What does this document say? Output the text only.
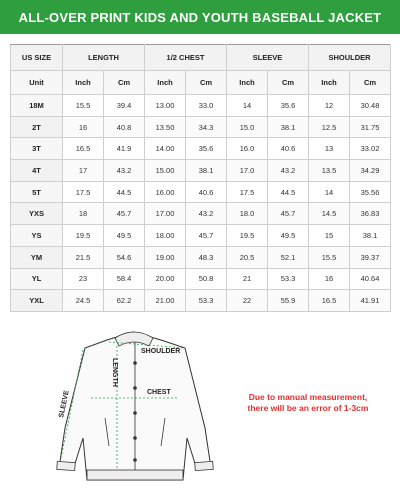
ALL-OVER PRINT KIDS AND YOUTH BASEBALL JACKET
US SIZE	LENGTH		1/2 CHEST		SLEEVE		SHOULDER	
Unit	Inch	Cm	Inch	Cm	Inch	Cm	Inch	Cm
18M	15.5	39.4	13.00	33.0	14	35.6	12	30.48
2T	16	40.8	13.50	34.3	15.0	38.1	12.5	31.75
3T	16.5	41.9	14.00	35.6	16.0	40.6	13	33.02
4T	17	43.2	15.00	38.1	17.0	43.2	13.5	34.29
5T	17.5	44.5	16.00	40.6	17.5	44.5	14	35.56
YXS	18	45.7	17.00	43.2	18.0	45.7	14.5	36.83
YS	19.5	49.5	18.00	45.7	19.5	49.5	15	38.1
YM	21.5	54.6	19.00	48.3	20.5	52.1	15.5	39.37
YL	23	58.4	20.00	50.8	21	53.3	16	40.64
YXL	24.5	62.2	21.00	53.3	22	55.9	16.5	41.91
SHOULDER
LENGTH
CHEST
SLEEVE	Due to manual measurement,
there will be an error of 1-3cm
